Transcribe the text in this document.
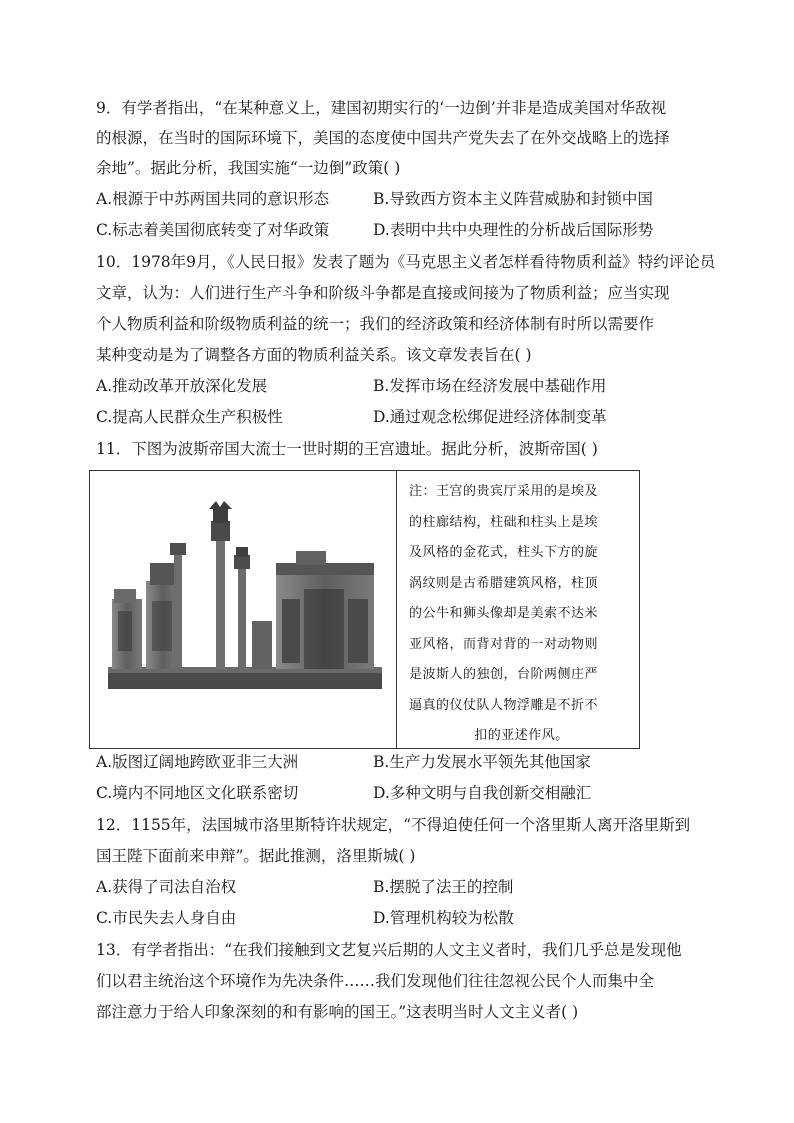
9．有学者指出，“在某种意义上，建国初期实行的‘一边倒’并非是造成美国对华敌视
的根源，在当时的国际环境下，美国的态度使中国共产党失去了在外交战略上的选择
余地”。据此分析，我国实施“一边倒”政策( )
A.根源于中苏两国共同的意识形态	B.导致西方资本主义阵营威胁和封锁中国
C.标志着美国彻底转变了对华政策	D.表明中共中央理性的分析战后国际形势
10．1978年9月，《人民日报》发表了题为《马克思主义者怎样看待物质利益》特约评论员
文章，认为：人们进行生产斗争和阶级斗争都是直接或间接为了物质利益；应当实现
个人物质利益和阶级物质利益的统一；我们的经济政策和经济体制有时所以需要作
某种变动是为了调整各方面的物质利益关系。该文章发表旨在( )
A.推动改革开放深化发展	B.发挥市场在经济发展中基础作用
C.提高人民群众生产积极性	D.通过观念松绑促进经济体制变革
11．下图为波斯帝国大流士一世时期的王宫遗址。据此分析，波斯帝国( )
注：王宫的贵宾厅采用的是埃及
的柱廊结构，柱础和柱头上是埃
及风格的金花式，柱头下方的旋
涡纹则是古希腊建筑风格，柱顶
的公牛和狮头像却是美索不达米
亚风格，而背对背的一对动物则
是波斯人的独创，台阶两侧庄严
逼真的仪仗队人物浮雕是不折不
扣的亚述作风。
A.版图辽阔地跨欧亚非三大洲	B.生产力发展水平领先其他国家
C.境内不同地区文化联系密切	D.多种文明与自我创新交相融汇
12．1155年，法国城市洛里斯特许状规定，“不得迫使任何一个洛里斯人离开洛里斯到
国王陛下面前来申辩”。据此推测，洛里斯城( )
A.获得了司法自治权	B.摆脱了法王的控制
C.市民失去人身自由	D.管理机构较为松散
13．有学者指出：“在我们接触到文艺复兴后期的人文主义者时，我们几乎总是发现他
们以君主统治这个环境作为先决条件……我们发现他们往往忽视公民个人而集中全
部注意力于给人印象深刻的和有影响的国王。”这表明当时人文主义者( )
